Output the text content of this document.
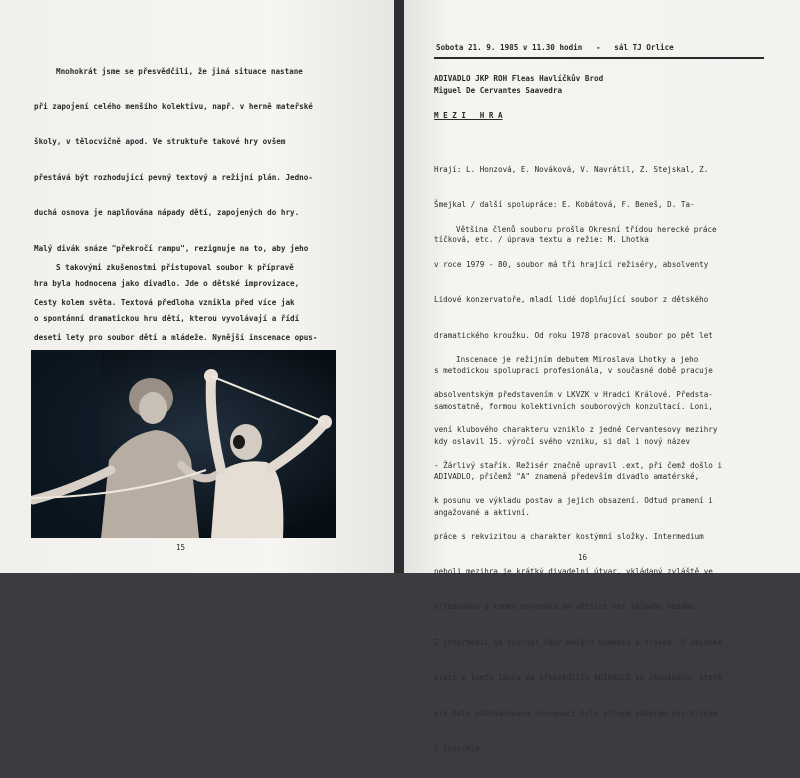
Mnohokrát jsme se přesvědčili, že jiná situace nastane

při zapojení celého menšího kolektivu, např. v herně mateřské

školy, v tělocvičně apod. Ve struktuře takové hry ovšem

přestává být rozhodující pevný textový a režijní plán. Jedno-

duchá osnova je naplňována nápady dětí, zapojených do hry.

Malý divák snáze "překročí rampu", rezignuje na to, aby jeho

hra byla hodnocena jako divadlo. Jde o dětské improvizace,

o spontánní dramatickou hru dětí, kterou vyvolávají a řídí

S takovými zkušenostmi přistupoval soubor k přípravě

Cesty kolem světa. Textová předloha vznikla před více jak

deseti lety pro soubor dětí a mládeže. Nynější inscenace opus-

15
Sobota 21. 9. 1985 v 11.30 hodin   -   sál TJ Orlice
ADIVADLO JKP ROH Fleas Havlíčkův Brod
Miguel De Cervantes Saavedra
M E Z I   H R A

Hrají: L. Honzová, E. Nováková, V. Navrátil, Z. Stejskal, Z.

Šmejkal / další spolupráce: E. Kobátová, F. Beneš, D. Ta-

tíčková, etc. / úprava textu a režie: M. Lhotka

Většina členů souboru prošla Okresní třídou herecké práce

v roce 1979 - 80, soubor má tři hrající režiséry, absolventy

Lidové konzervatoře, mladí lidé doplňující soubor z dětského

dramatického kroužku. Od roku 1978 pracoval soubor po pět let

s metodickou spolupraci profesionála, v současné době pracuje

samostatně, formou kolektivních souborových konzultací. Loni,

kdy oslavil 15. výročí svého vzniku, si dal i nový název

ADIVADLO, přičemž "A" znamená především divadlo amatérské,

angažované a aktivní.

Inscenace je režijním debutem Miroslava Lhotky a jeho

absolventským představením v LKVZK v Hradci Králové. Předsta-

vení klubového charakteru vzniklo z jedné Cervantesovy mezihry

- Žárlivý stařík. Režisér značně upravil .ext, při čemž došlo i

k posunu ve výkladu postav a jejich obsazení. Odtud pramení i

práce s rekvizitou a charakter kostýmní složky. Intermedium

neboli mezihra je krátký divadelní útvar, vkládaný zvláště ve

středověku a raném novověku do větších her vážného obsahu.

Z intermedií se vyvinul žánr malých komedií a frašek. O nelehké

práci v tomto žánru se přesvědčilo ADIVADLO ve zkouškách, které

pro tuto půlhodinovou inscenaci byly silným záběrem psychickým

i fyzickým.

16
